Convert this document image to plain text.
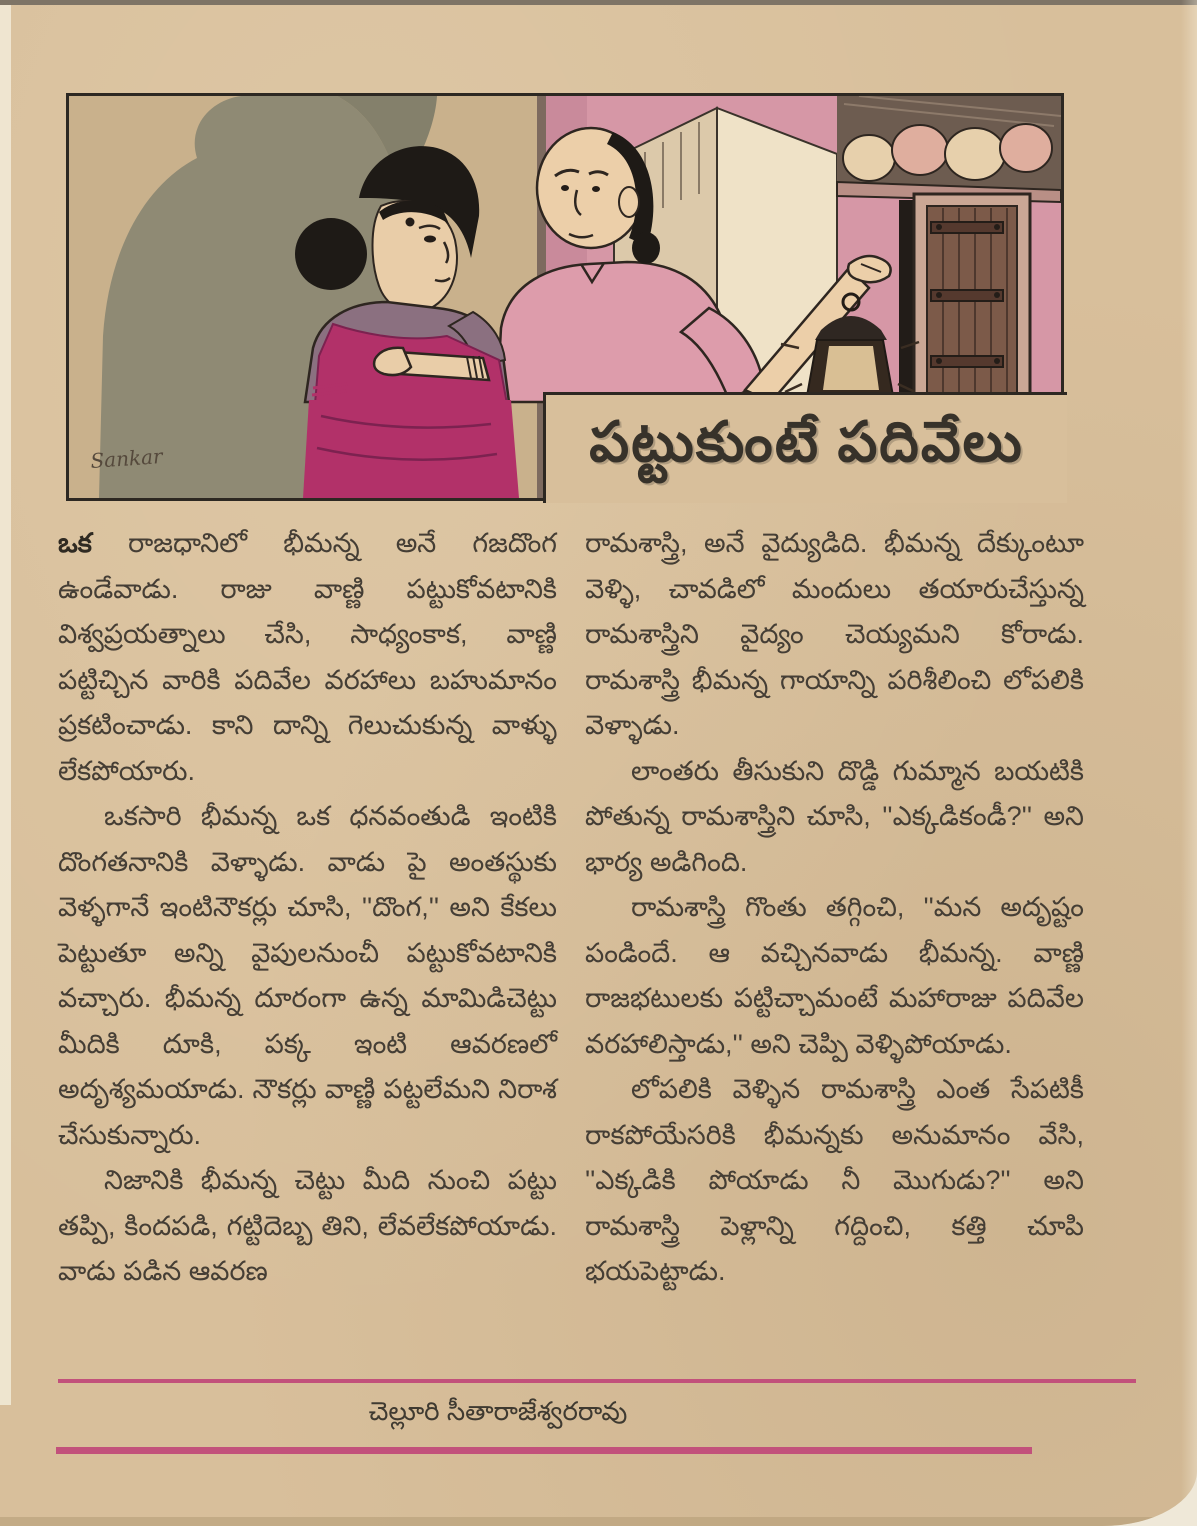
Sankar	పట్టుకుంటే పదివేలు

ఒక రాజధానిలో భీమన్న అనే గజదొంగ ఉండేవాడు. రాజు వాణ్ణి పట్టుకోవటానికి విశ్వప్రయత్నాలు చేసి, సాధ్యంకాక, వాణ్ణి పట్టిచ్చిన వారికి పదివేల వరహాలు బహుమానం ప్రకటించాడు. కాని దాన్ని గెలుచుకున్న వాళ్ళు లేకపోయారు.

ఒకసారి భీమన్న ఒక ధనవంతుడి ఇంటికి దొంగతనానికి వెళ్ళాడు. వాడు పై అంతస్థుకు వెళ్ళగానే ఇంటినౌకర్లు చూసి, ''దొంగ,'' అని కేకలు పెట్టుతూ అన్ని వైపులనుంచీ పట్టుకోవటానికి వచ్చారు. భీమన్న దూరంగా ఉన్న మామిడిచెట్టు మీదికి దూకి, పక్క ఇంటి ఆవరణలో అదృశ్యమయాడు. నౌకర్లు వాణ్ణి పట్టలేమని నిరాశ చేసుకున్నారు.

నిజానికి భీమన్న చెట్టు మీది నుంచి పట్టు తప్పి, కిందపడి, గట్టిదెబ్బ తిని, లేవలేకపోయాడు. వాడు పడిన ఆవరణ

రామశాస్త్రి, అనే వైద్యుడిది. భీమన్న దేక్కుంటూ వెళ్ళి, చావడిలో మందులు తయారుచేస్తున్న రామశాస్త్రిని వైద్యం చెయ్యమని కోరాడు. రామశాస్త్రి భీమన్న గాయాన్ని పరిశీలించి లోపలికి వెళ్ళాడు.

లాంతరు తీసుకుని దొడ్డి గుమ్మాన బయటికి పోతున్న రామశాస్త్రిని చూసి, ''ఎక్కడికండీ?'' అని భార్య అడిగింది.

రామశాస్త్రి గొంతు తగ్గించి, ''మన అదృష్టం పండిందే. ఆ వచ్చినవాడు భీమన్న. వాణ్ణి రాజభటులకు పట్టిచ్చామంటే మహారాజు పదివేల వరహాలిస్తాడు,'' అని చెప్పి వెళ్ళిపోయాడు.

లోపలికి వెళ్ళిన రామశాస్త్రి ఎంత సేపటికీ రాకపోయేసరికి భీమన్నకు అనుమానం వేసి, ''ఎక్కడికి పోయాడు నీ మొగుడు?'' అని రామశాస్త్రి పెళ్లాన్ని గద్దించి, కత్తి చూపి భయపెట్టాడు.

చెల్లూరి సీతారాజేశ్వరరావు
